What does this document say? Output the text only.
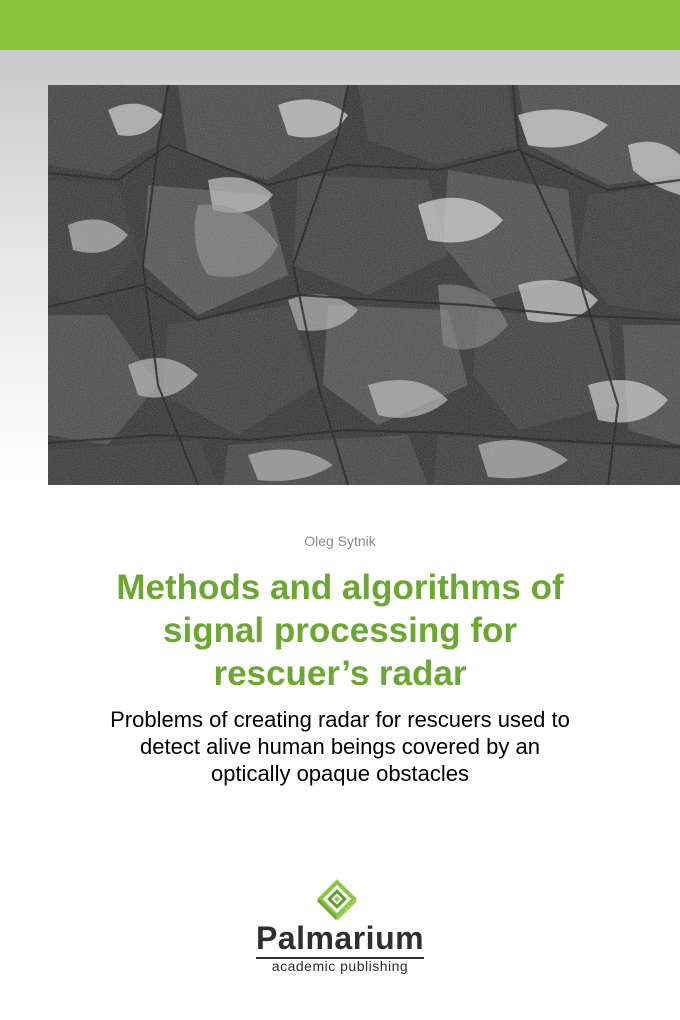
Oleg Sytnik
Methods and algorithms of
signal processing for
rescuer’s radar
Problems of creating radar for rescuers used to
detect alive human beings covered by an
optically opaque obstacles
Palmarium
academic publishing
